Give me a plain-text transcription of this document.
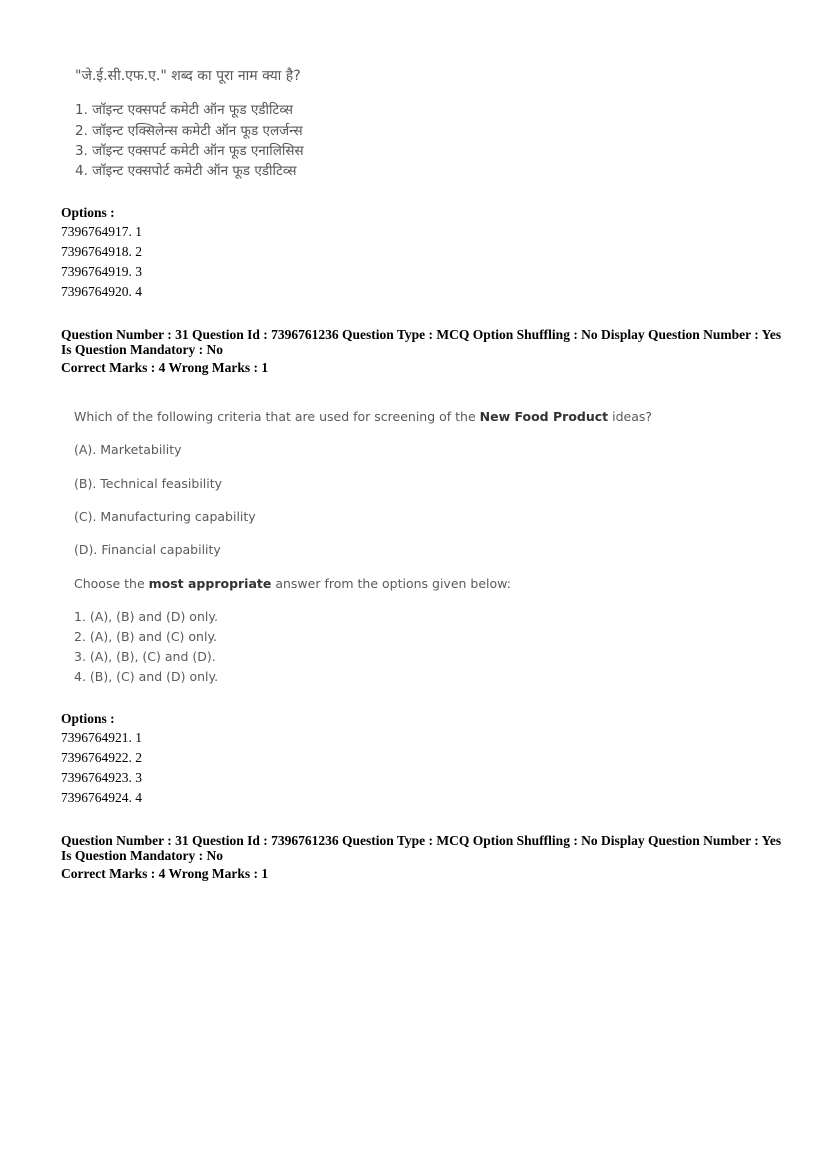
"जे.ई.सी.एफ.ए." शब्द का पूरा नाम क्या है?
1. जॉइन्ट एक्सपर्ट कमेटी ऑन फूड एडीटिव्स
2. जॉइन्ट एक्सिलेन्स कमेटी ऑन फूड एलर्जन्स
3. जॉइन्ट एक्सपर्ट कमेटी ऑन फूड एनालिसिस
4. जॉइन्ट एक्सपोर्ट कमेटी ऑन फूड एडीटिव्स
Options :
7396764917. 1
7396764918. 2
7396764919. 3
7396764920. 4
Question Number : 31 Question Id : 7396761236 Question Type : MCQ Option Shuffling : No Display Question Number : Yes
Is Question Mandatory : No
Correct Marks : 4 Wrong Marks : 1
Which of the following criteria that are used for screening of the New Food Product ideas?
(A). Marketability
(B). Technical feasibility
(C). Manufacturing capability
(D). Financial capability
Choose the most appropriate answer from the options given below:
1. (A), (B) and (D) only.
2. (A), (B) and (C) only.
3. (A), (B), (C) and (D).
4. (B), (C) and (D) only.
Options :
7396764921. 1
7396764922. 2
7396764923. 3
7396764924. 4
Question Number : 31 Question Id : 7396761236 Question Type : MCQ Option Shuffling : No Display Question Number : Yes
Is Question Mandatory : No
Correct Marks : 4 Wrong Marks : 1
